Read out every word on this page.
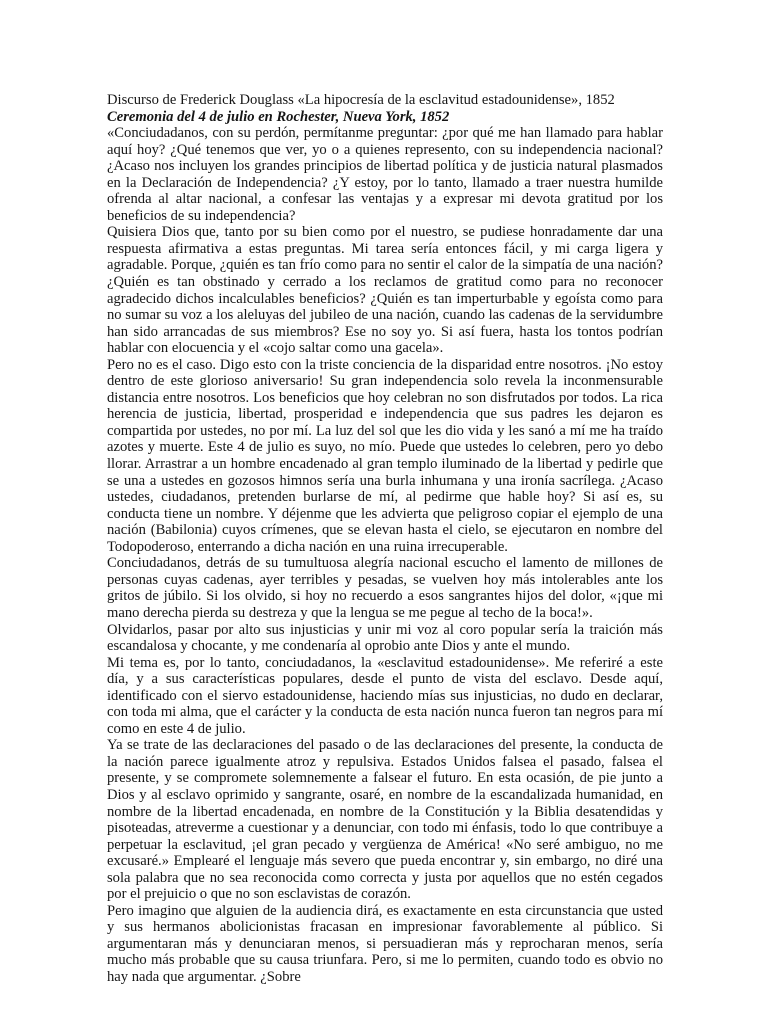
Discurso de Frederick Douglass «La hipocresía de la esclavitud estadounidense», 1852
Ceremonia del 4 de julio en Rochester, Nueva York, 1852
«Conciudadanos, con su perdón, permítanme preguntar: ¿por qué me han llamado para hablar aquí hoy? ¿Qué tenemos que ver, yo o a quienes represento, con su independencia nacional? ¿Acaso nos incluyen los grandes principios de libertad política y de justicia natural plasmados en la Declaración de Independencia? ¿Y estoy, por lo tanto, llamado a traer nuestra humilde ofrenda al altar nacional, a confesar las ventajas y a expresar mi devota gratitud por los beneficios de su independencia?
Quisiera Dios que, tanto por su bien como por el nuestro, se pudiese honradamente dar una respuesta afirmativa a estas preguntas. Mi tarea sería entonces fácil, y mi carga ligera y agradable. Porque, ¿quién es tan frío como para no sentir el calor de la simpatía de una nación? ¿Quién es tan obstinado y cerrado a los reclamos de gratitud como para no reconocer agradecido dichos incalculables beneficios? ¿Quién es tan imperturbable y egoísta como para no sumar su voz a los aleluyas del jubileo de una nación, cuando las cadenas de la servidumbre han sido arrancadas de sus miembros? Ese no soy yo. Si así fuera, hasta los tontos podrían hablar con elocuencia y el «cojo saltar como una gacela».
Pero no es el caso. Digo esto con la triste conciencia de la disparidad entre nosotros. ¡No estoy dentro de este glorioso aniversario! Su gran independencia solo revela la inconmensurable distancia entre nosotros. Los beneficios que hoy celebran no son disfrutados por todos. La rica herencia de justicia, libertad, prosperidad e independencia que sus padres les dejaron es compartida por ustedes, no por mí. La luz del sol que les dio vida y les sanó a mí me ha traído azotes y muerte. Este 4 de julio es suyo, no mío. Puede que ustedes lo celebren, pero yo debo llorar. Arrastrar a un hombre encadenado al gran templo iluminado de la libertad y pedirle que se una a ustedes en gozosos himnos sería una burla inhumana y una ironía sacrílega. ¿Acaso ustedes, ciudadanos, pretenden burlarse de mí, al pedirme que hable hoy? Si así es, su conducta tiene un nombre. Y déjenme que les advierta que peligroso copiar el ejemplo de una nación (Babilonia) cuyos crímenes, que se elevan hasta el cielo, se ejecutaron en nombre del Todopoderoso, enterrando a dicha nación en una ruina irrecuperable.
Conciudadanos, detrás de su tumultuosa alegría nacional escucho el lamento de millones de personas cuyas cadenas, ayer terribles y pesadas, se vuelven hoy más intolerables ante los gritos de júbilo. Si los olvido, si hoy no recuerdo a esos sangrantes hijos del dolor, «¡que mi mano derecha pierda su destreza y que la lengua se me pegue al techo de la boca!».
Olvidarlos, pasar por alto sus injusticias y unir mi voz al coro popular sería la traición más escandalosa y chocante, y me condenaría al oprobio ante Dios y ante el mundo.
Mi tema es, por lo tanto, conciudadanos, la «esclavitud estadounidense». Me referiré a este día, y a sus características populares, desde el punto de vista del esclavo. Desde aquí, identificado con el siervo estadounidense, haciendo mías sus injusticias, no dudo en declarar, con toda mi alma, que el carácter y la conducta de esta nación nunca fueron tan negros para mí como en este 4 de julio.
Ya se trate de las declaraciones del pasado o de las declaraciones del presente, la conducta de la nación parece igualmente atroz y repulsiva. Estados Unidos falsea el pasado, falsea el presente, y se compromete solemnemente a falsear el futuro. En esta ocasión, de pie junto a Dios y al esclavo oprimido y sangrante, osaré, en nombre de la escandalizada humanidad, en nombre de la libertad encadenada, en nombre de la Constitución y la Biblia desatendidas y pisoteadas, atreverme a cuestionar y a denunciar, con todo mi énfasis, todo lo que contribuye a perpetuar la esclavitud, ¡el gran pecado y vergüenza de América! «No seré ambiguo, no me excusaré.» Emplearé el lenguaje más severo que pueda encontrar y, sin embargo, no diré una sola palabra que no sea reconocida como correcta y justa por aquellos que no estén cegados por el prejuicio o que no son esclavistas de corazón.
Pero imagino que alguien de la audiencia dirá, es exactamente en esta circunstancia que usted y sus hermanos abolicionistas fracasan en impresionar favorablemente al público. Si argumentaran más y denunciaran menos, si persuadieran más y reprocharan menos, sería mucho más probable que su causa triunfara. Pero, si me lo permiten, cuando todo es obvio no hay nada que argumentar. ¿Sobre
